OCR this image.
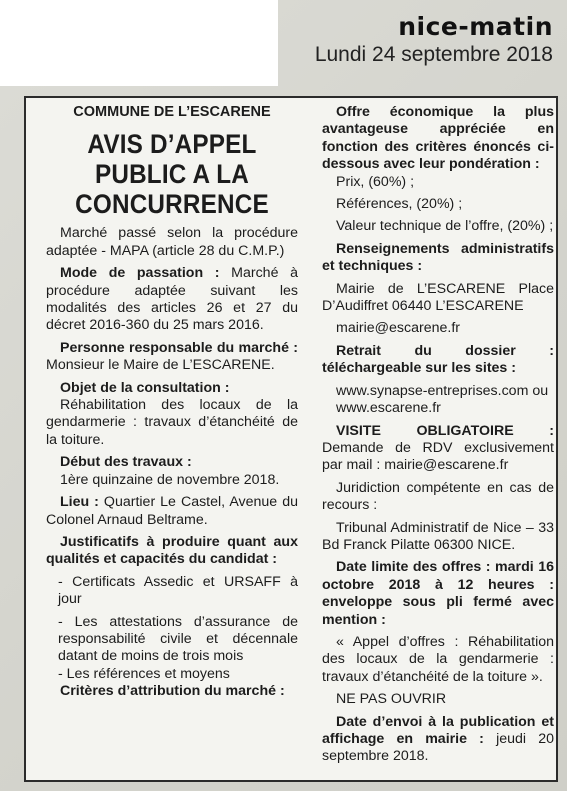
nice-matin
Lundi 24 septembre 2018
COMMUNE DE L’ESCARENE
AVIS D’APPEL
PUBLIC A LA
CONCURRENCE

Marché passé selon la procédure adaptée - MAPA (article 28 du C.M.P.)

Mode de passation : Marché à procédure adaptée suivant les modalités des articles 26 et 27 du décret 2016-360 du 25 mars 2016.

Personne responsable du marché : Monsieur le Maire de L’ESCARENE.

Objet de la consultation :

Réhabilitation des locaux de la gendarmerie : travaux d’étanchéité de la toiture.

Début des travaux :

1ère quinzaine de novembre 2018.

Lieu : Quartier Le Castel, Avenue du Colonel Arnaud Beltrame.

Justificatifs à produire quant aux qualités et capacités du candidat :

- Certificats Assedic et URSAFF à jour

- Les attestations d’assurance de responsabilité civile et décennale datant de moins de trois mois

- Les références et moyens

Critères d’attribution du marché :

Offre économique la plus avantageuse appréciée en fonction des critères énoncés ci-dessous avec leur pondération :

Prix, (60%) ;

Références, (20%) ;

Valeur technique de l’offre, (20%) ;

Renseignements administratifs et techniques :

Mairie de L’ESCARENE Place D’Audiffret 06440 L’ESCARENE

mairie@escarene.fr

Retrait du dossier : téléchargeable sur les sites :

www.synapse-entreprises.com ou

www.escarene.fr

VISITE OBLIGATOIRE : Demande de RDV exclusivement par mail : mairie@escarene.fr

Juridiction compétente en cas de recours :

Tribunal Administratif de Nice – 33 Bd Franck Pilatte 06300 NICE.

Date limite des offres : mardi 16 octobre 2018 à 12 heures : enveloppe sous pli fermé avec mention :

« Appel d’offres : Réhabilitation des locaux de la gendarmerie : travaux d’étanchéité de la toiture ».

NE PAS OUVRIR

Date d’envoi à la publication et affichage en mairie : jeudi 20 septembre 2018.
